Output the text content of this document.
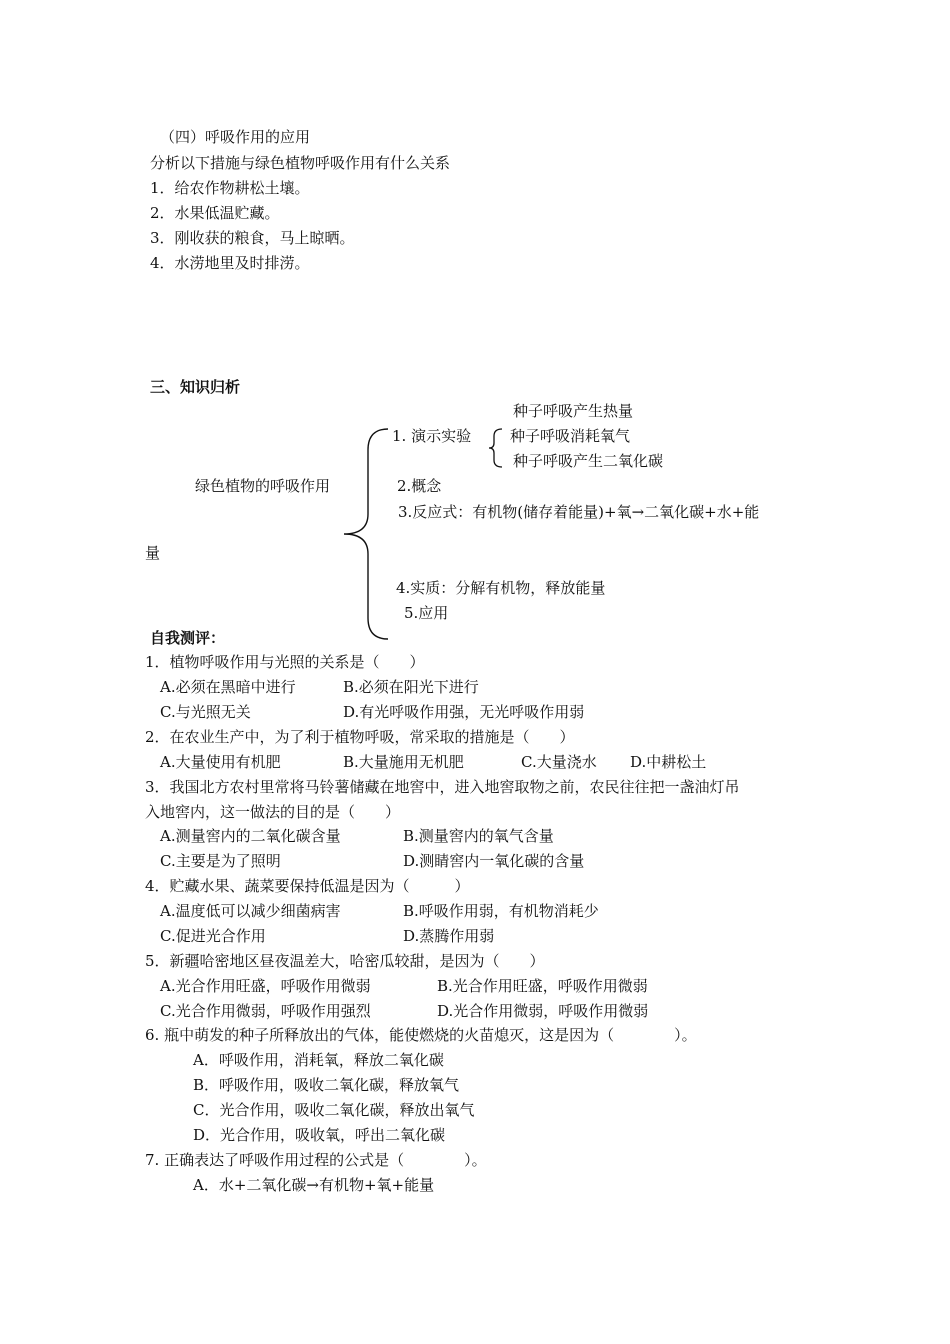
（四）呼吸作用的应用
分析以下措施与绿色植物呼吸作用有什么关系
1．给农作物耕松土壤。
2．水果低温贮藏。
3．刚收获的粮食，马上晾晒。
4．水涝地里及时排涝。
三、知识归析
种子呼吸产生热量
1. 演示实验	种子呼吸消耗氧气
种子呼吸产生二氧化碳
绿色植物的呼吸作用	2.概念
3.反应式：有机物(储存着能量)+氧→二氧化碳+水+能
量
4.实质：分解有机物，释放能量
5.应用
自我测评：
1．植物呼吸作用与光照的关系是（　　）
A.必须在黑暗中进行	B.必须在阳光下进行
C.与光照无关	D.有光呼吸作用强，无光呼吸作用弱
2．在农业生产中，为了利于植物呼吸，常采取的措施是（　　）
A.大量使用有机肥	B.大量施用无机肥	C.大量浇水 D.中耕松土
3．我国北方农村里常将马铃薯储藏在地窖中，进入地窖取物之前，农民往往把一盏油灯吊
入地窖内，这一做法的目的是（　　）
A.测量窖内的二氧化碳含量	B.测量窖内的氧气含量
C.主要是为了照明	D.测睛窖内一氧化碳的含量
4．贮藏水果、蔬菜要保持低温是因为（　　　）
A.温度低可以减少细菌病害	B.呼吸作用弱，有机物消耗少
C.促进光合作用	D.蒸腾作用弱
5．新疆哈密地区昼夜温差大，哈密瓜较甜，是因为（　　）
A.光合作用旺盛，呼吸作用微弱	B.光合作用旺盛，呼吸作用微弱
C.光合作用微弱，呼吸作用强烈	D.光合作用微弱，呼吸作用微弱
6. 瓶中萌发的种子所释放出的气体，能使燃烧的火苗熄灭，这是因为（　　　　）。
A．呼吸作用，消耗氧，释放二氧化碳
B．呼吸作用，吸收二氧化碳，释放氧气
C．光合作用，吸收二氧化碳，释放出氧气
D．光合作用，吸收氧，呼出二氧化碳
7. 正确表达了呼吸作用过程的公式是（　　　　）。
A．水+二氧化碳→有机物+氧+能量
